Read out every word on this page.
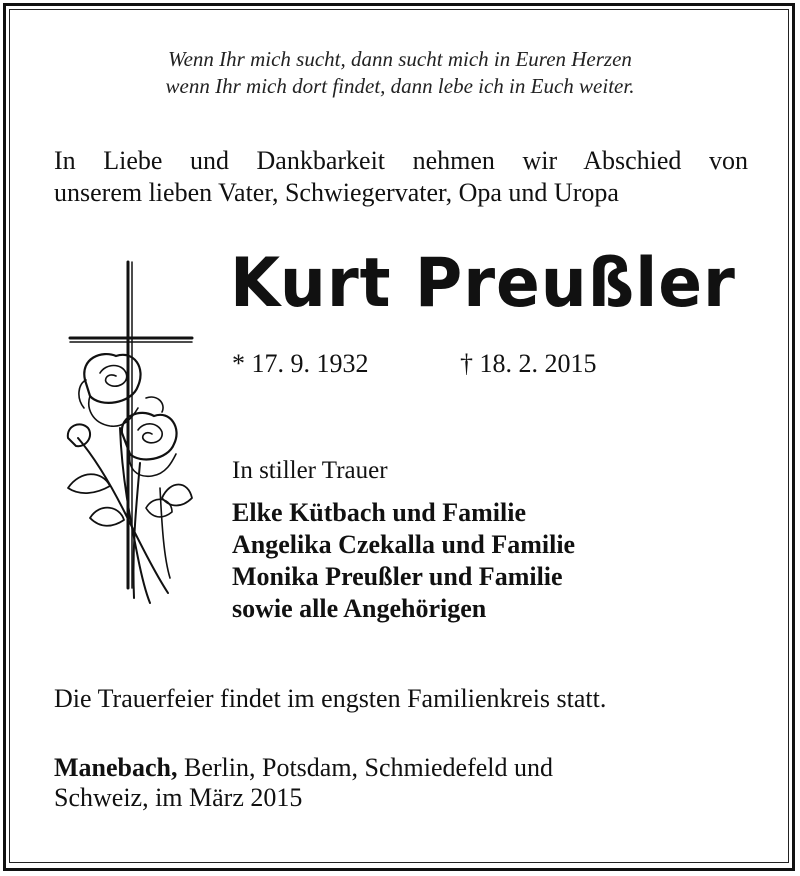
Wenn Ihr mich sucht, dann sucht mich in Euren Herzen
wenn Ihr mich dort findet, dann lebe ich in Euch weiter.
In Liebe und Dankbarkeit nehmen wir Abschied von
unserem lieben Vater, Schwiegervater, Opa und Uropa
Kurt Preußler
* 17. 9. 1932	† 18. 2. 2015
In stiller Trauer
Elke Kütbach und Familie
Angelika Czekalla und Familie
Monika Preußler und Familie
sowie alle Angehörigen
Die Trauerfeier findet im engsten Familienkreis statt.
Manebach, Berlin, Potsdam, Schmiedefeld und
Schweiz, im März 2015
